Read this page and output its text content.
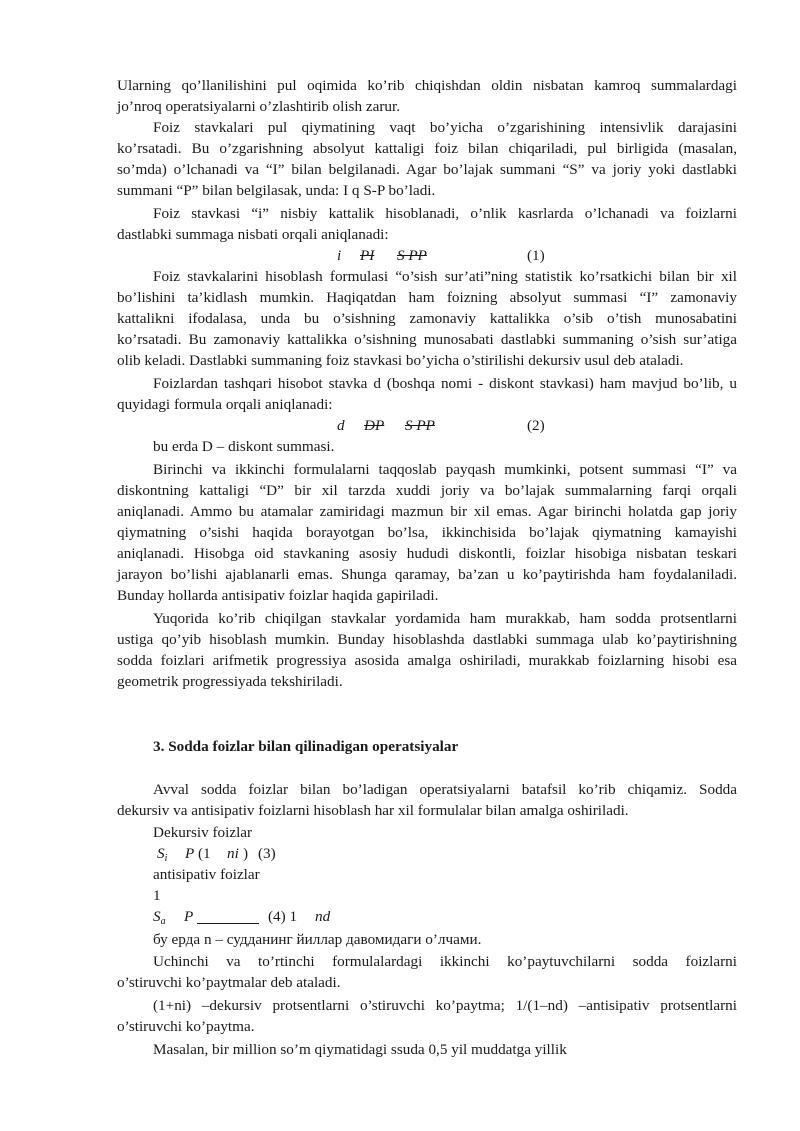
Ularning qo’llanilishini pul oqimida ko’rib chiqishdan oldin nisbatan kamroq summalardagi
jo’nroq operatsiyalarni o’zlashtirib olish zarur.
Foiz stavkalari pul qiymatining vaqt bo’yicha o’zgarishining intensivlik darajasini
ko’rsatadi. Bu o’zgarishning absolyut kattaligi foiz bilan chiqariladi, pul birligida (masalan,
so’mda) o’lchanadi va “I” bilan belgilanadi. Agar bo’lajak summani “S” va joriy yoki dastlabki
summani “P” bilan belgilasak, unda: I q S-P bo’ladi.
Foiz stavkasi “i” nisbiy kattalik hisoblanadi, o’nlik kasrlarda o’lchanadi va foizlarni
dastlabki summaga nisbati orqali aniqlanadi:
i PI S PP	(1)
Foiz stavkalarini hisoblash formulasi “o’sish sur’ati”ning statistik ko’rsatkichi bilan bir xil
bo’lishini ta’kidlash mumkin. Haqiqatdan ham foizning absolyut summasi “I” zamonaviy
kattalikni ifodalasa, unda bu o’sishning zamonaviy kattalikka o’sib o’tish munosabatini
ko’rsatadi. Bu zamonaviy kattalikka o’sishning munosabati dastlabki summaning o’sish sur’atiga
olib keladi. Dastlabki summaning foiz stavkasi bo’yicha o’stirilishi dekursiv usul deb ataladi.
Foizlardan tashqari hisobot stavka d (boshqa nomi - diskont stavkasi) ham mavjud bo’lib, u
quyidagi formula orqali aniqlanadi:
d DP S PP	(2)
bu erda D – diskont summasi.
Birinchi va ikkinchi formulalarni taqqoslab payqash mumkinki, potsent summasi “I” va
diskontning kattaligi “D” bir xil tarzda xuddi joriy va bo’lajak summalarning farqi orqali
aniqlanadi. Ammo bu atamalar zamiridagi mazmun bir xil emas. Agar birinchi holatda gap joriy
qiymatning o’sishi haqida borayotgan bo’lsa, ikkinchisida bo’lajak qiymatning kamayishi
aniqlanadi. Hisobga oid stavkaning asosiy hududi diskontli, foizlar hisobiga nisbatan teskari
jarayon bo’lishi ajablanarli emas. Shunga qaramay, ba’zan u ko’paytirishda ham foydalaniladi.
Bunday hollarda antisipativ foizlar haqida gapiriladi.
Yuqorida ko’rib chiqilgan stavkalar yordamida ham murakkab, ham sodda protsentlarni
ustiga qo’yib hisoblash mumkin. Bunday hisoblashda dastlabki summaga ulab ko’paytirishning
sodda foizlari arifmetik progressiya asosida amalga oshiriladi, murakkab foizlarning hisobi esa
geometrik progressiyada tekshiriladi.
3. Sodda foizlar bilan qilinadigan operatsiyalar
Avval sodda foizlar bilan bo’ladigan operatsiyalarni batafsil ko’rib chiqamiz. Sodda
dekursiv va antisipativ foizlarni hisoblash har xil formulalar bilan amalga oshiriladi.
Dekursiv foizlar
$S_i$ P (1 ni ) (3)
antisipativ foizlar
1
$S_a$ P	(4) 1 nd
бу ерда n – судданинг йиллар давомидаги о’лчами.
Uchinchi va to’rtinchi formulalardagi ikkinchi ko’paytuvchilarni sodda foizlarni
o’stiruvchi ko’paytmalar deb ataladi.
(1+ni) –dekursiv protsentlarni o’stiruvchi ko’paytma; 1/(1–nd) –antisipativ protsentlarni
o’stiruvchi ko’paytma.
Masalan, bir million so’m qiymatidagi ssuda 0,5 yil muddatga yillik
